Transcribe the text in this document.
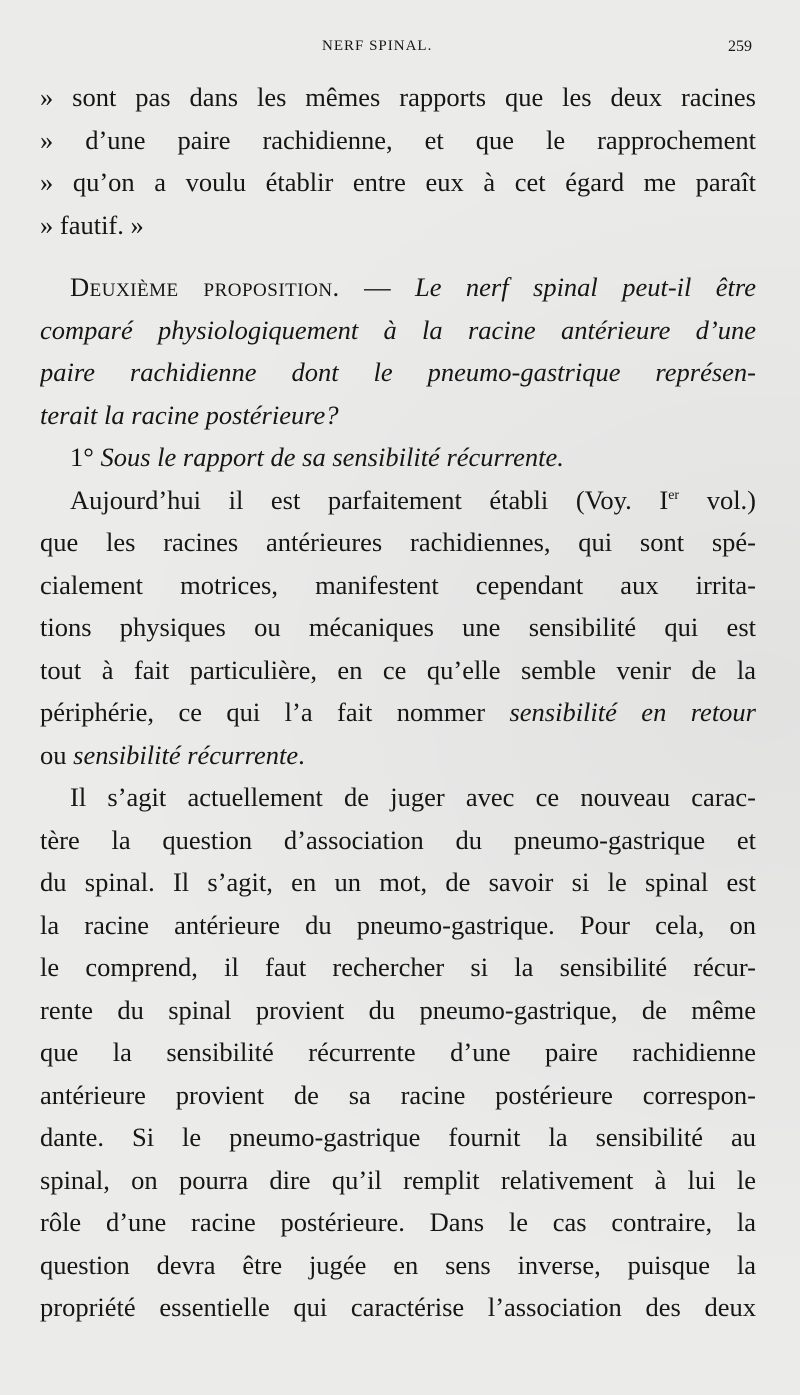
NERF SPINAL.	259
» sont pas dans les mêmes rapports que les deux racines
» d’une paire rachidienne, et que le rapprochement
» qu’on a voulu établir entre eux à cet égard me paraît
» fautif. »
Deuxième proposition. — Le nerf spinal peut-il être
comparé physiologiquement à la racine antérieure d’une
paire rachidienne dont le pneumo-gastrique représen-
terait la racine postérieure?
1° Sous le rapport de sa sensibilité récurrente.
Aujourd’hui il est parfaitement établi (Voy. Ier vol.)
que les racines antérieures rachidiennes, qui sont spé-
cialement motrices, manifestent cependant aux irrita-
tions physiques ou mécaniques une sensibilité qui est
tout à fait particulière, en ce qu’elle semble venir de la
périphérie, ce qui l’a fait nommer sensibilité en retour
ou sensibilité récurrente.
Il s’agit actuellement de juger avec ce nouveau carac-
tère la question d’association du pneumo-gastrique et
du spinal. Il s’agit, en un mot, de savoir si le spinal est
la racine antérieure du pneumo-gastrique. Pour cela, on
le comprend, il faut rechercher si la sensibilité récur-
rente du spinal provient du pneumo-gastrique, de même
que la sensibilité récurrente d’une paire rachidienne
antérieure provient de sa racine postérieure correspon-
dante. Si le pneumo-gastrique fournit la sensibilité au
spinal, on pourra dire qu’il remplit relativement à lui le
rôle d’une racine postérieure. Dans le cas contraire, la
question devra être jugée en sens inverse, puisque la
propriété essentielle qui caractérise l’association des deux
